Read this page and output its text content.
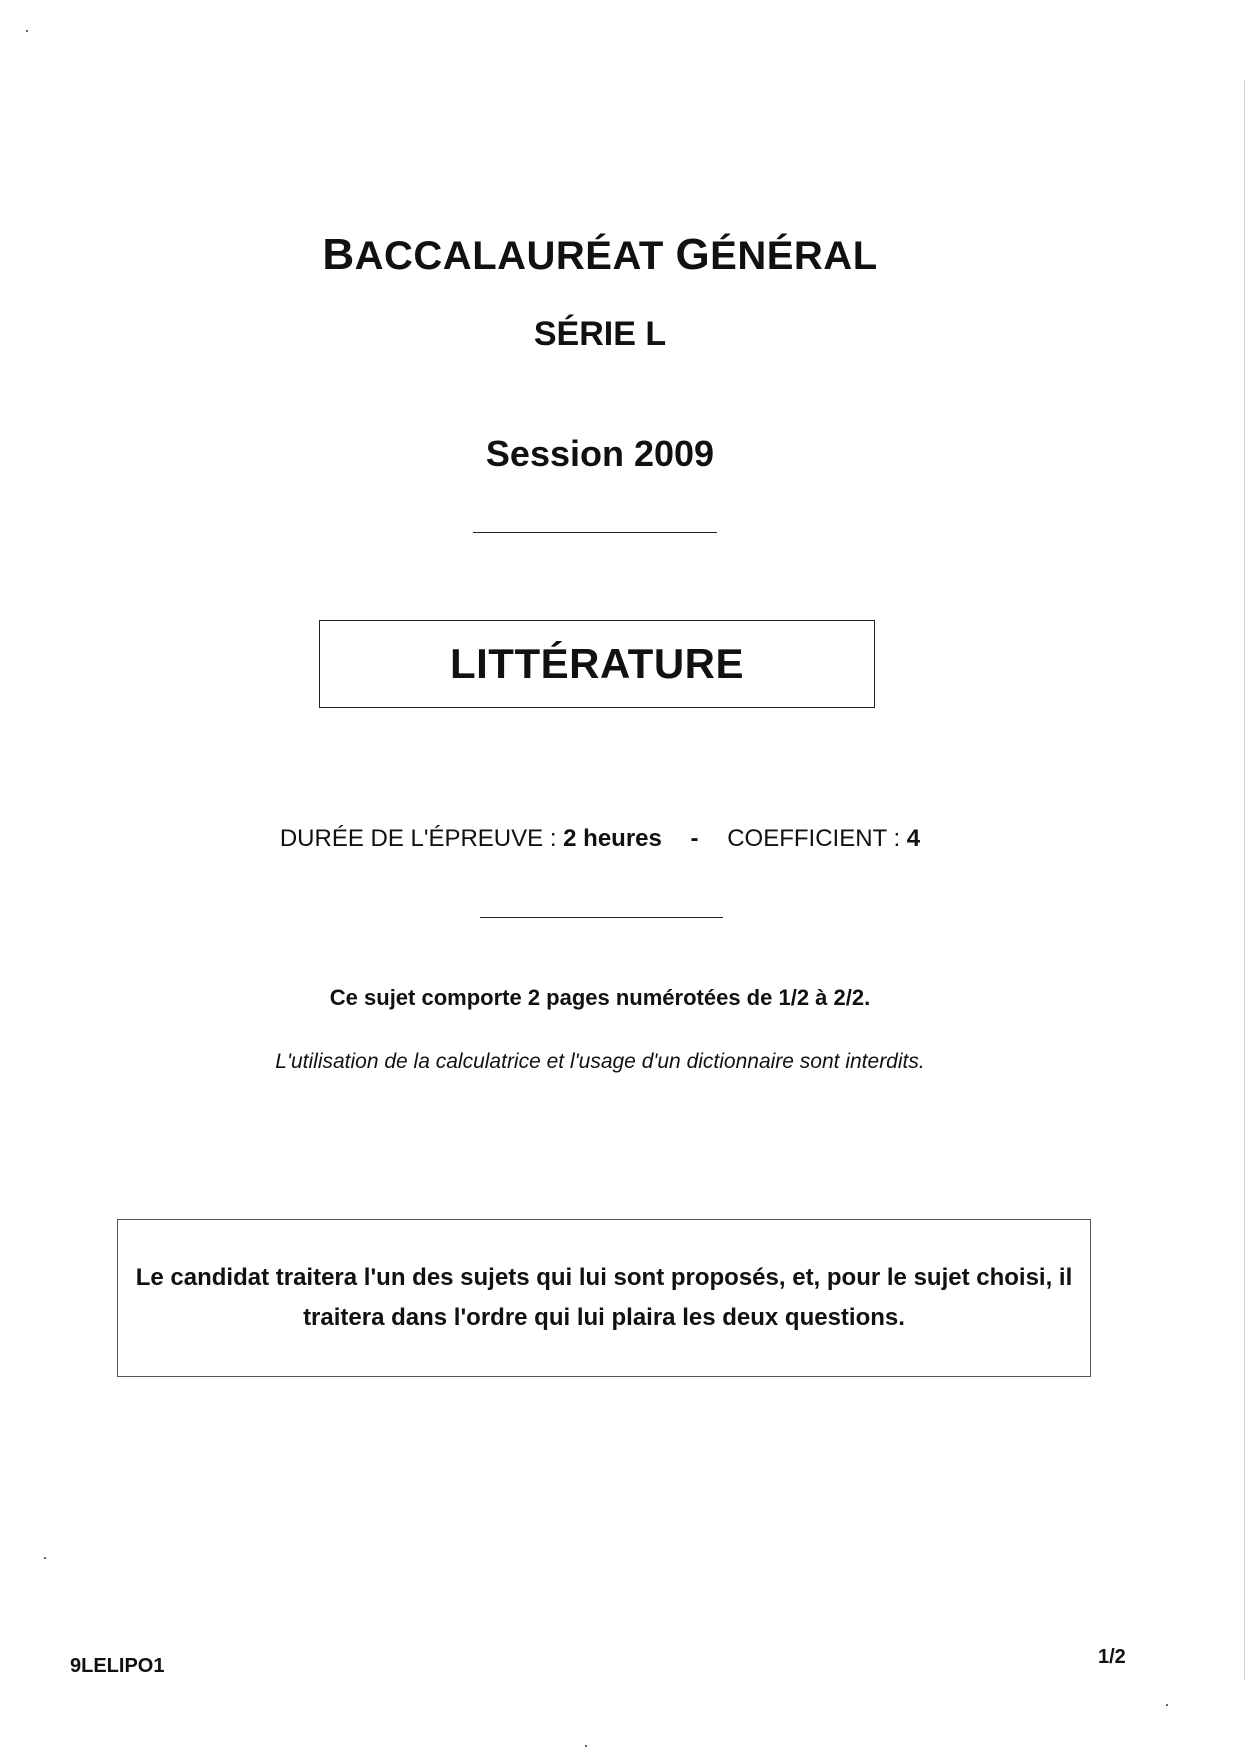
BACCALAURÉAT GÉNÉRAL
SÉRIE L
Session 2009
LITTÉRATURE
DURÉE DE L'ÉPREUVE : 2 heures - COEFFICIENT : 4
Ce sujet comporte 2 pages numérotées de 1/2 à 2/2.
L'utilisation de la calculatrice et l'usage d'un dictionnaire sont interdits.
Le candidat traitera l'un des sujets qui lui sont proposés, et, pour le sujet choisi, il traitera dans l'ordre qui lui plaira les deux questions.
9LELIPO1	1/2
